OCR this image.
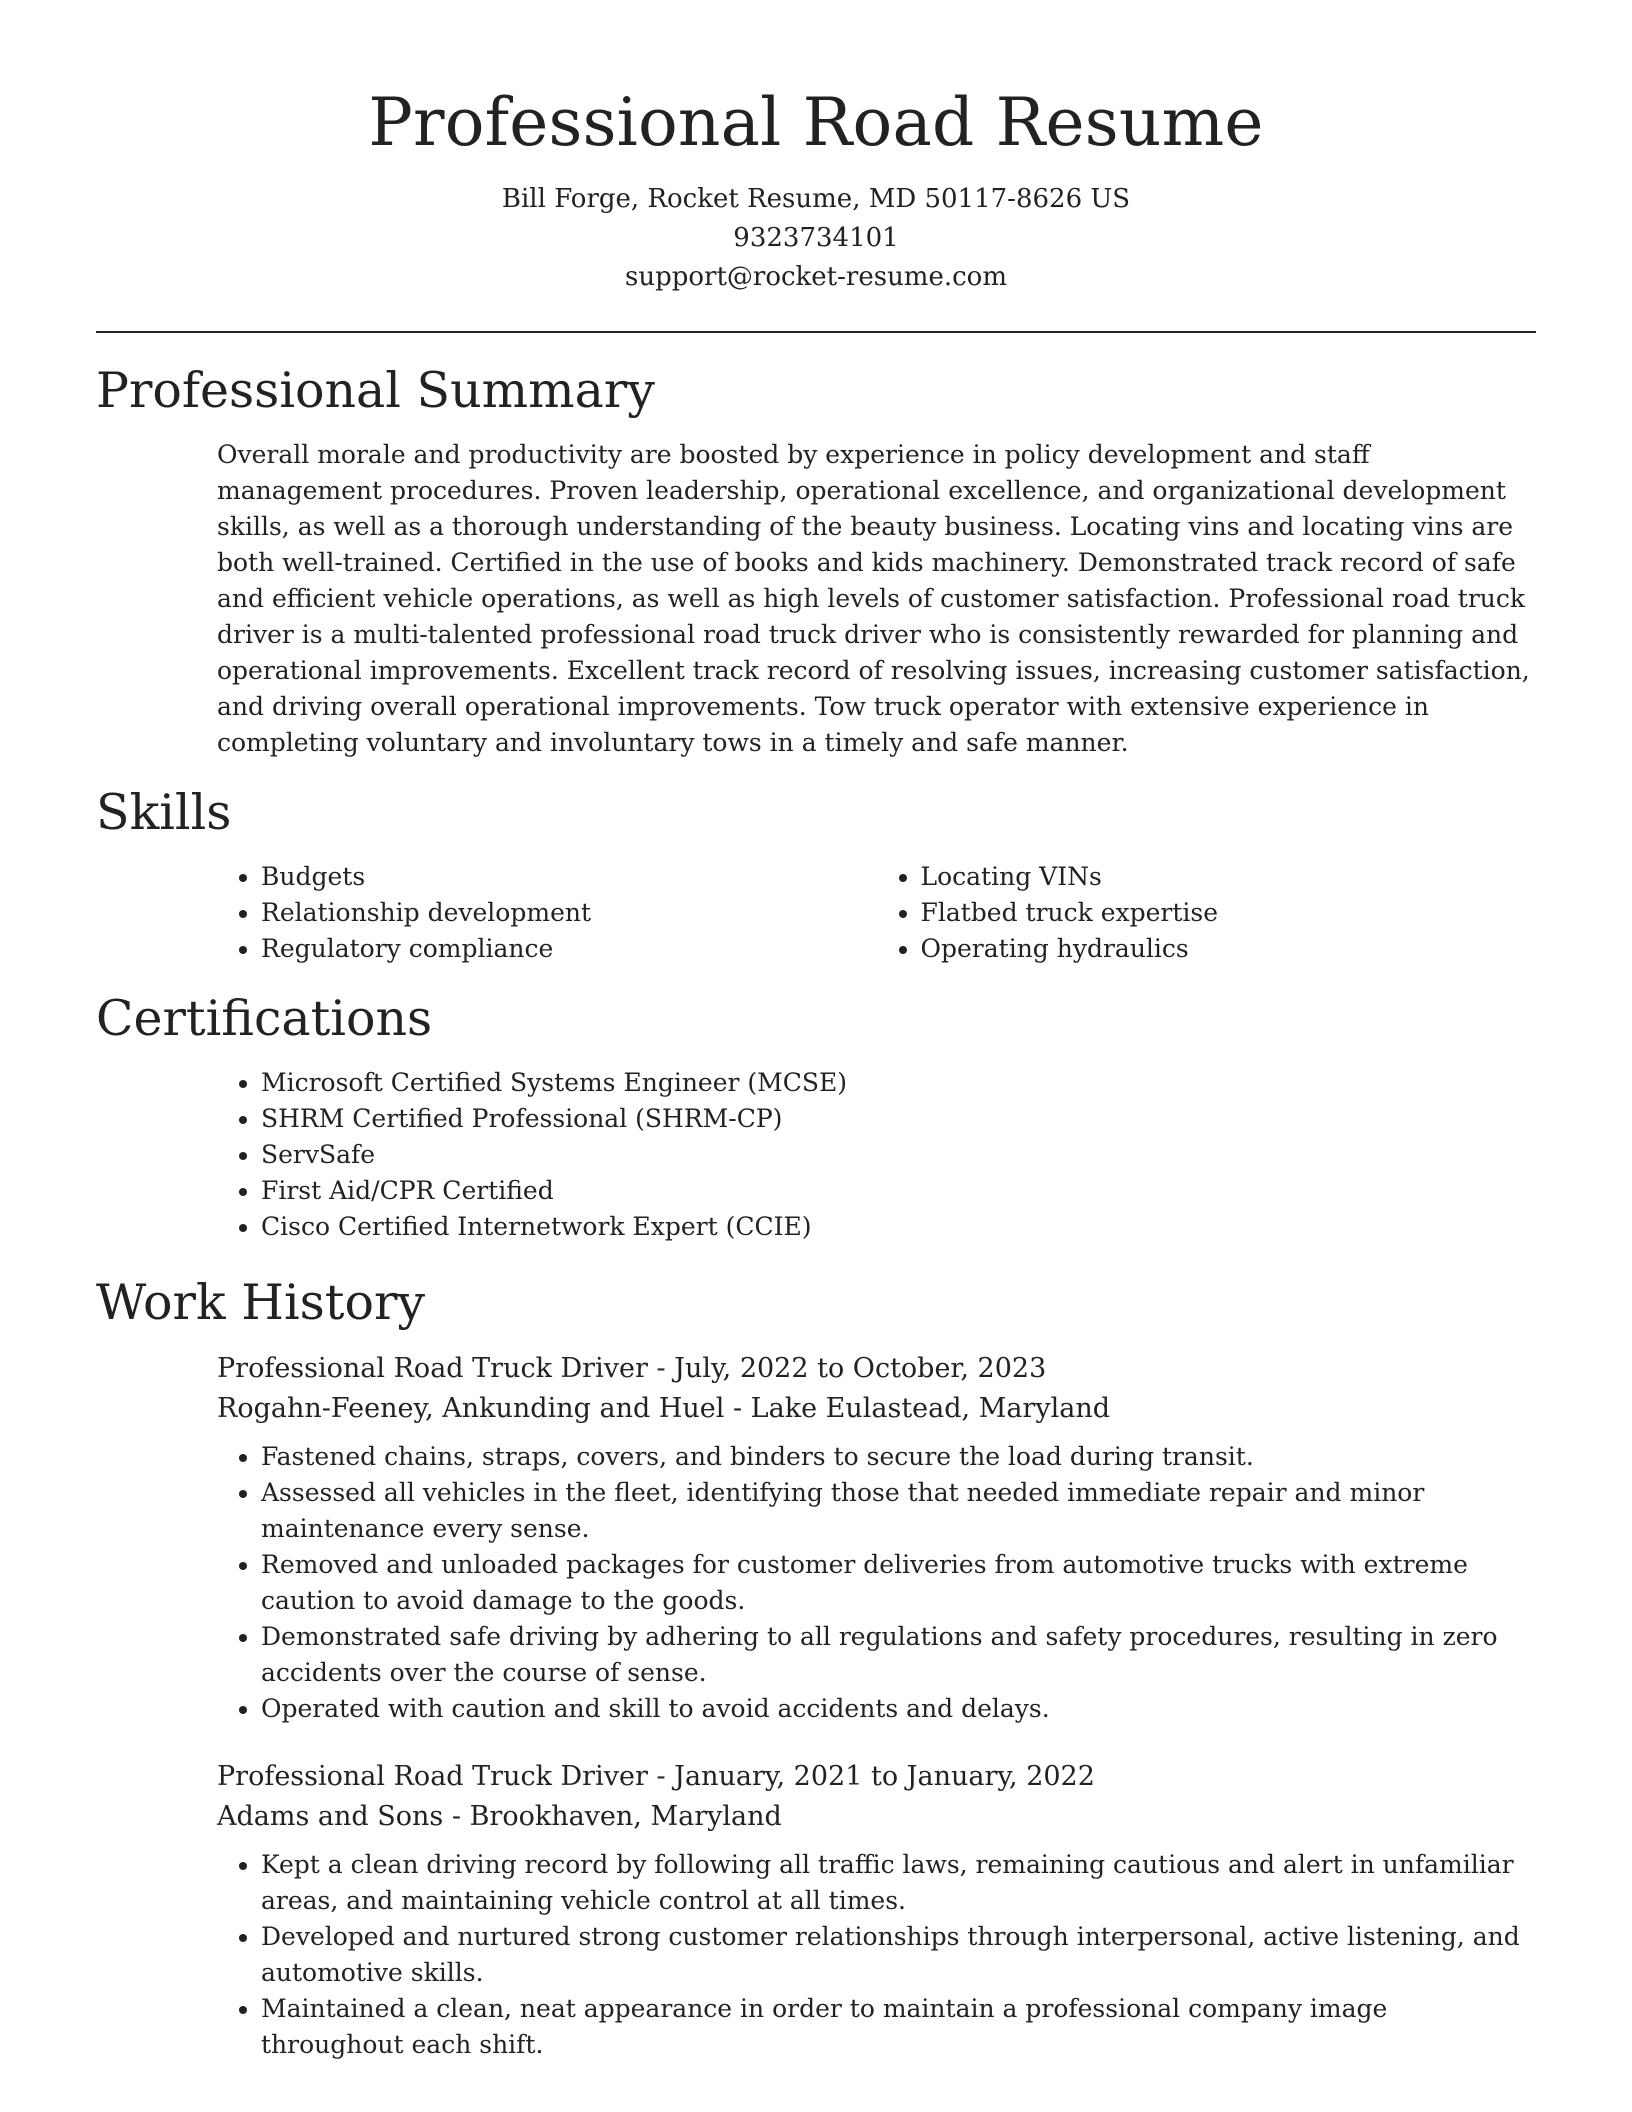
Professional Road Resume
Bill Forge, Rocket Resume, MD 50117-8626 US
9323734101
support@rocket-resume.com
Professional Summary

Overall morale and productivity are boosted by experience in policy development and staff management procedures. Proven leadership, operational excellence, and organizational development skills, as well as a thorough understanding of the beauty business. Locating vins and locating vins are both well-trained. Certified in the use of books and kids machinery. Demonstrated track record of safe and efficient vehicle operations, as well as high levels of customer satisfaction. Professional road truck driver is a multi-talented professional road truck driver who is consistently rewarded for planning and operational improvements. Excellent track record of resolving issues, increasing customer satisfaction, and driving overall operational improvements. Tow truck operator with extensive experience in completing voluntary and involuntary tows in a timely and safe manner.

Skills
• Budgets
• Relationship development
• Regulatory compliance
• Locating VINs
• Flatbed truck expertise
• Operating hydraulics
Certifications
• Microsoft Certified Systems Engineer (MCSE)
• SHRM Certified Professional (SHRM-CP)
• ServSafe
• First Aid/CPR Certified
• Cisco Certified Internetwork Expert (CCIE)
Work History
Professional Road Truck Driver - July, 2022 to October, 2023
Rogahn-Feeney, Ankunding and Huel - Lake Eulastead, Maryland
• Fastened chains, straps, covers, and binders to secure the load during transit.
• Assessed all vehicles in the fleet, identifying those that needed immediate repair and minor maintenance every sense.
• Removed and unloaded packages for customer deliveries from automotive trucks with extreme caution to avoid damage to the goods.
• Demonstrated safe driving by adhering to all regulations and safety procedures, resulting in zero accidents over the course of sense.
• Operated with caution and skill to avoid accidents and delays.
Professional Road Truck Driver - January, 2021 to January, 2022
Adams and Sons - Brookhaven, Maryland
• Kept a clean driving record by following all traffic laws, remaining cautious and alert in unfamiliar areas, and maintaining vehicle control at all times.
• Developed and nurtured strong customer relationships through interpersonal, active listening, and automotive skills.
• Maintained a clean, neat appearance in order to maintain a professional company image throughout each shift.
